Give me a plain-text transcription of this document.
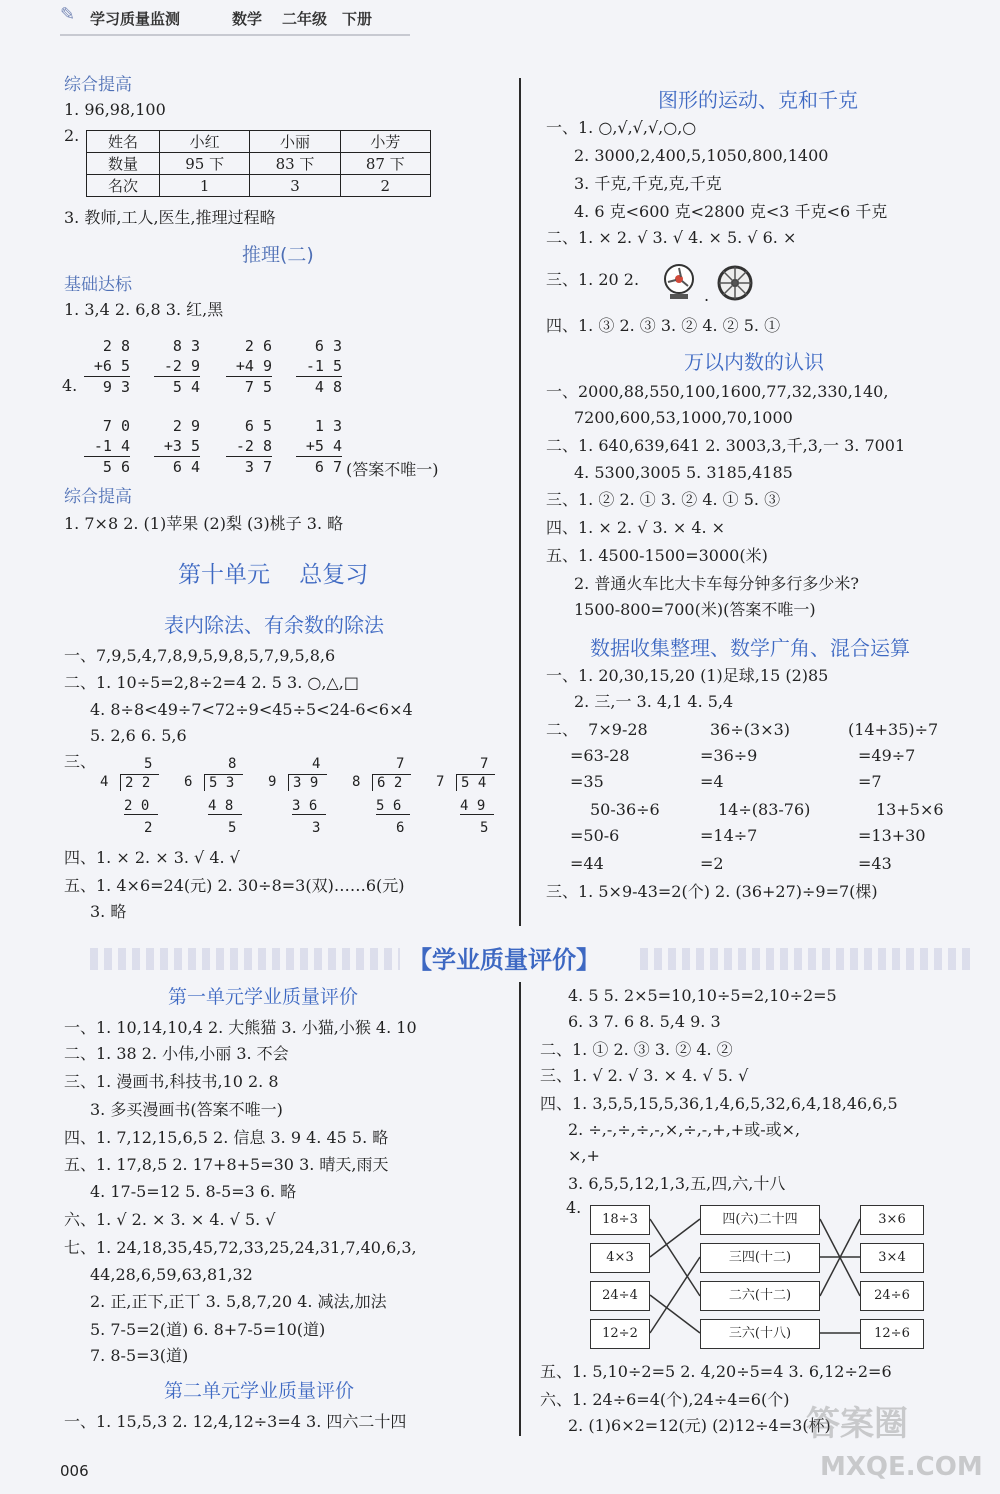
✎ 学习质量监测	数学 二年级 下册
综合提高
1. 96,98,100
2. 姓名	小红	小丽	小芳
数量	95 下	83 下	87 下
名次	1	3	2
3. 教师,工人,医生,推理过程略
推理(二)
基础达标
1. 3,4 2. 6,8 3. 红,黑
4.
2 8
+6 5
9 3
8 3
-2 9
5 4
2 6
+4 9
7 5
6 3
-1 5
4 8
7 0
-1 4
5 6
2 9
+3 5
6 4
6 5
-2 8
3 7
1 3
+5 4
6 7 (答案不唯一)
综合提高
1. 7×8 2. (1)苹果 (2)梨 (3)桃子 3. 略
第十单元    总复习
表内除法、有余数的除法
一、7,9,5,4,7,8,9,5,9,8,5,7,9,5,8,6
二、1. 10÷5=2,8÷2=4 2. 5 3. ○,△,□
4. 8÷8<49÷7<72÷9<45÷5<24-6<6×4
5. 2,6 6. 5,6
三、	5
4	2 2
2 0
2
8
6	5 3
4 8
5
4
9	3 9
3 6
3
7
8	6 2
5 6
6
7
7	5 4
4 9
5
四、1. × 2. × 3. √ 4. √
五、1. 4×6=24(元) 2. 30÷8=3(双)……6(元)
3. 略
图形的运动、克和千克
一、1. ○,√,√,√,○,○
2. 3000,2,400,5,1050,800,1400
3. 千克,千克,克,千克
4. 6 克<600 克<2800 克<3 千克<6 千克
二、1. × 2. √ 3. √ 4. × 5. √ 6. ×
三、1. 20 2.
.
四、1. ③ 2. ③ 3. ② 4. ② 5. ①
万以内数的认识
一、2000,88,550,100,1600,77,32,330,140,
7200,600,53,1000,70,1000
二、1. 640,639,641 2. 3003,3,千,3,一 3. 7001
4. 5300,3005 5. 3185,4185
三、1. ② 2. ① 3. ② 4. ① 5. ③
四、1. × 2. √ 3. × 4. ×
五、1. 4500-1500=3000(米)
2. 普通火车比大卡车每分钟多行多少米?
1500-800=700(米)(答案不唯一)
数据收集整理、数学广角、混合运算
一、1. 20,30,15,20 (1)足球,15 (2)85
2. 三,一 3. 4,1 4. 5,4
二、  7×9-28	36÷(3×3)	(14+35)÷7
=63-28	=36÷9	=49÷7
=35	=4	=7
50-36÷6	14÷(83-76)	13+5×6
=50-6	=14÷7	=13+30
=44	=2	=43
三、1. 5×9-43=2(个) 2. (36+27)÷9=7(棵)
【学业质量评价】
第一单元学业质量评价
一、1. 10,14,10,4 2. 大熊猫 3. 小猫,小猴 4. 10
二、1. 38 2. 小伟,小丽 3. 不会
三、1. 漫画书,科技书,10 2. 8
3. 多买漫画书(答案不唯一)
四、1. 7,12,15,6,5 2. 信息 3. 9 4. 45 5. 略
五、1. 17,8,5 2. 17+8+5=30 3. 晴天,雨天
4. 17-5=12 5. 8-5=3 6. 略
六、1. √ 2. × 3. × 4. √ 5. √
七、1. 24,18,35,45,72,33,25,24,31,7,40,6,3,
44,28,6,59,63,81,32
2. 正,正下,正丅 3. 5,8,7,20 4. 减法,加法
5. 7-5=2(道) 6. 8+7-5=10(道)
7. 8-5=3(道)
第二单元学业质量评价
一、1. 15,5,3 2. 12,4,12÷3=4 3. 四六二十四
4. 5 5. 2×5=10,10÷5=2,10÷2=5
6. 3 7. 6 8. 5,4 9. 3
二、1. ① 2. ③ 3. ② 4. ②
三、1. √ 2. √ 3. × 4. √ 5. √
四、1. 3,5,5,15,5,36,1,4,6,5,32,6,4,18,46,6,5
2. ÷,-,÷,÷,-,×,÷,-,+,+或-或×,
×,+
3. 6,5,5,12,1,3,五,四,六,十八
4.
18÷3
4×3
24÷4
12÷2
四(六)二十四
三四(十二)
二六(十二)
三六(十八)
3×6
3×4
24÷6
12÷6
五、1. 5,10÷2=5 2. 4,20÷5=4 3. 6,12÷2=6
六、1. 24÷6=4(个),24÷4=6(个)
2. (1)6×2=12(元) (2)12÷4=3(杯)
006
答案圈
MXQE.COM
